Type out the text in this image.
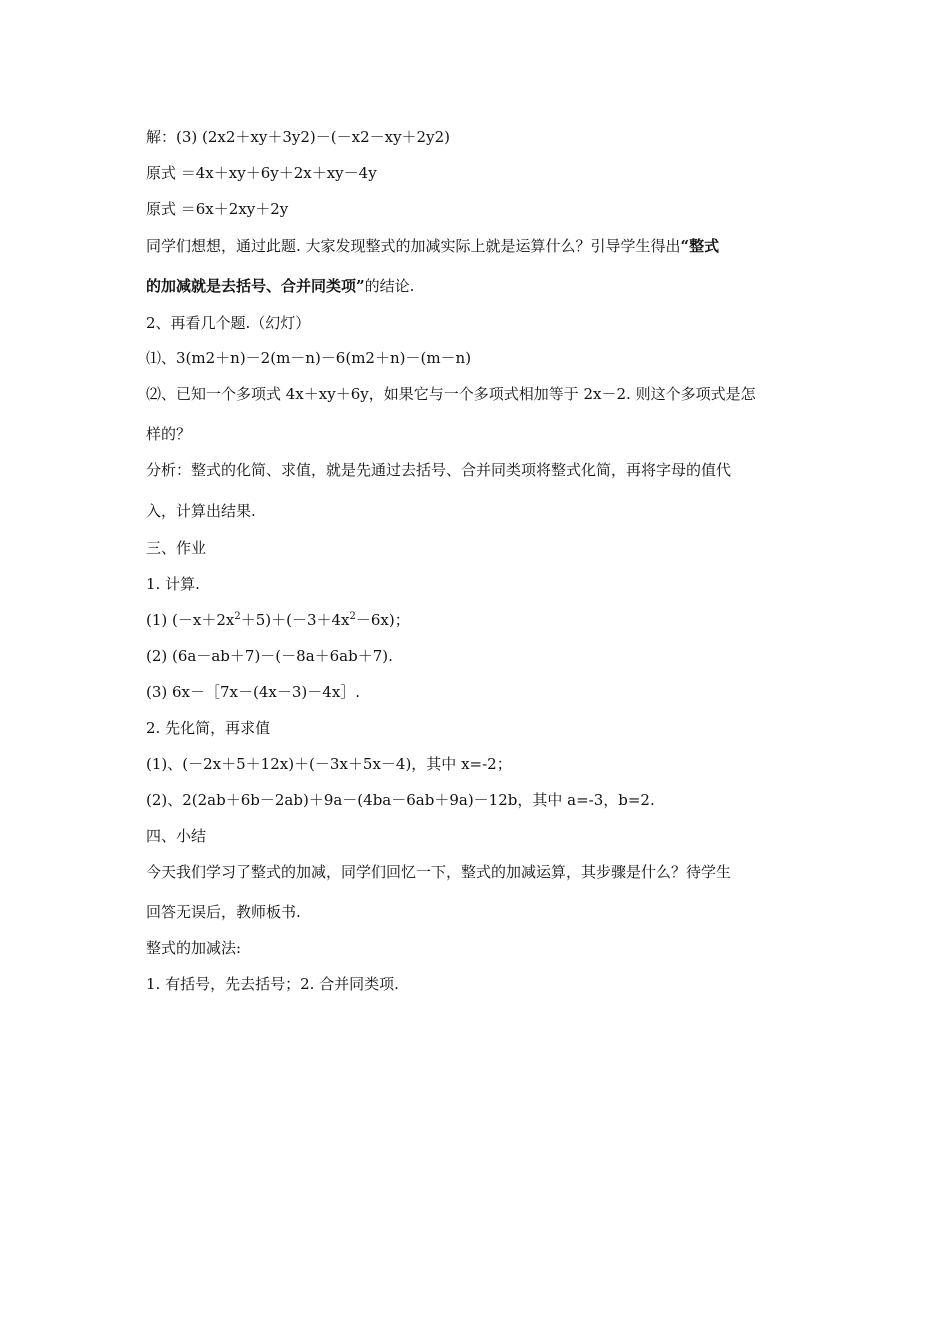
解：(3) (2x2＋xy＋3y2)－(－x2－xy＋2y2)
原式 ＝4x＋xy＋6y＋2x＋xy－4y
原式 ＝6x＋2xy＋2y
同学们想想，通过此题. 大家发现整式的加减实际上就是运算什么？引导学生得出“整式
的加减就是去括号、合并同类项”的结论.
2、再看几个题.（幻灯）
⑴、3(m2＋n)－2(m－n)－6(m2＋n)－(m－n)
⑵、已知一个多项式 4x＋xy＋6y，如果它与一个多项式相加等于 2x－2. 则这个多项式是怎
样的？
分析：整式的化简、求值，就是先通过去括号、合并同类项将整式化简，再将字母的值代
入，计算出结果.
三、作业
1. 计算.
(1) $(-x+2x^2+5)+(-3+4x^2-6x)$；
(2) (6a－ab＋7)－(－8a＋6ab＋7).
(3) 6x－［7x－(4x－3)－4x］.
2. 先化简，再求值
(1)、(－2x＋5＋12x)＋(－3x＋5x－4)，其中 x=-2；
(2)、2(2ab＋6b－2ab)＋9a－(4ba－6ab＋9a)－12b，其中 a=-3，b=2.
四、小结
今天我们学习了整式的加减，同学们回忆一下，整式的加减运算，其步骤是什么？待学生
回答无误后，教师板书.
整式的加减法:
1. 有括号，先去括号；2. 合并同类项.
